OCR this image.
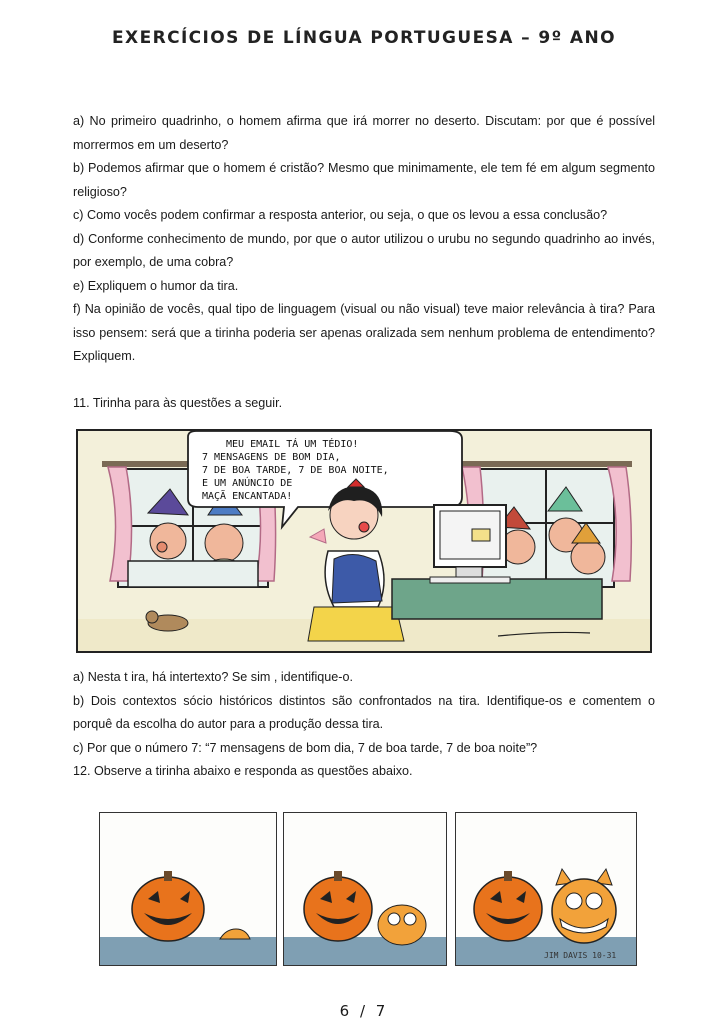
EXERCÍCIOS DE LÍNGUA PORTUGUESA – 9º ANO

a) No primeiro quadrinho, o homem afirma que irá morrer no deserto. Discutam: por que é possível morrermos em um deserto?

b) Podemos afirmar que o homem é cristão? Mesmo que minimamente, ele tem fé em algum segmento religioso?

c) Como vocês podem confirmar a resposta anterior, ou seja, o que os levou a essa conclusão?

d) Conforme conhecimento de mundo, por que o autor utilizou o urubu no segundo quadrinho ao invés, por exemplo, de uma cobra?

e) Expliquem o humor da tira.

f) Na opinião de vocês, qual tipo de linguagem (visual ou não visual) teve maior relevância à tira? Para isso pensem: será que a tirinha poderia ser apenas oralizada sem nenhum problema de entendimento? Expliquem.

11. Tirinha para às questões a seguir.

MEU EMAIL TÁ UM TÉDIO!
7 MENSAGENS DE BOM DIA,
7 DE BOA TARDE, 7 DE BOA NOITE,
E UM ANÚNCIO DE
MAÇÃ ENCANTADA!

a) Nesta t ira, há intertexto? Se sim , identifique-o.

b) Dois contextos sócio históricos distintos são confrontados na tira. Identifique-os e comentem o porquê da escolha do autor para a produção dessa tira.

c) Por que o número 7: “7 mensagens de bom dia, 7 de boa tarde, 7 de boa noite”?

12. Observe a tirinha abaixo e responda as questões abaixo.

JIM DAVIS 10-31
6 / 7
